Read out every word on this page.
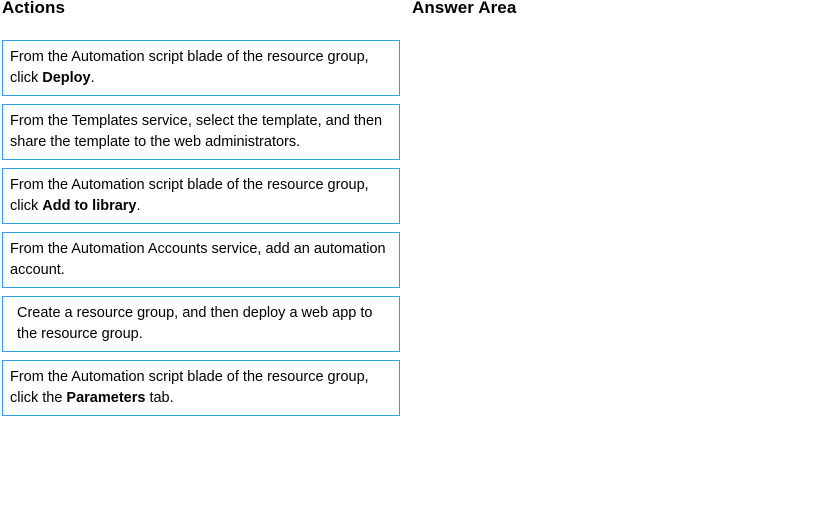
Actions	Answer Area
From the Automation script blade of the resource group, click Deploy.
From the Templates service, select the template, and then share the template to the web administrators.
From the Automation script blade of the resource group, click Add to library.
From the Automation Accounts service, add an automation account.
Create a resource group, and then deploy a web app to the resource group.
From the Automation script blade of the resource group, click the Parameters tab.
